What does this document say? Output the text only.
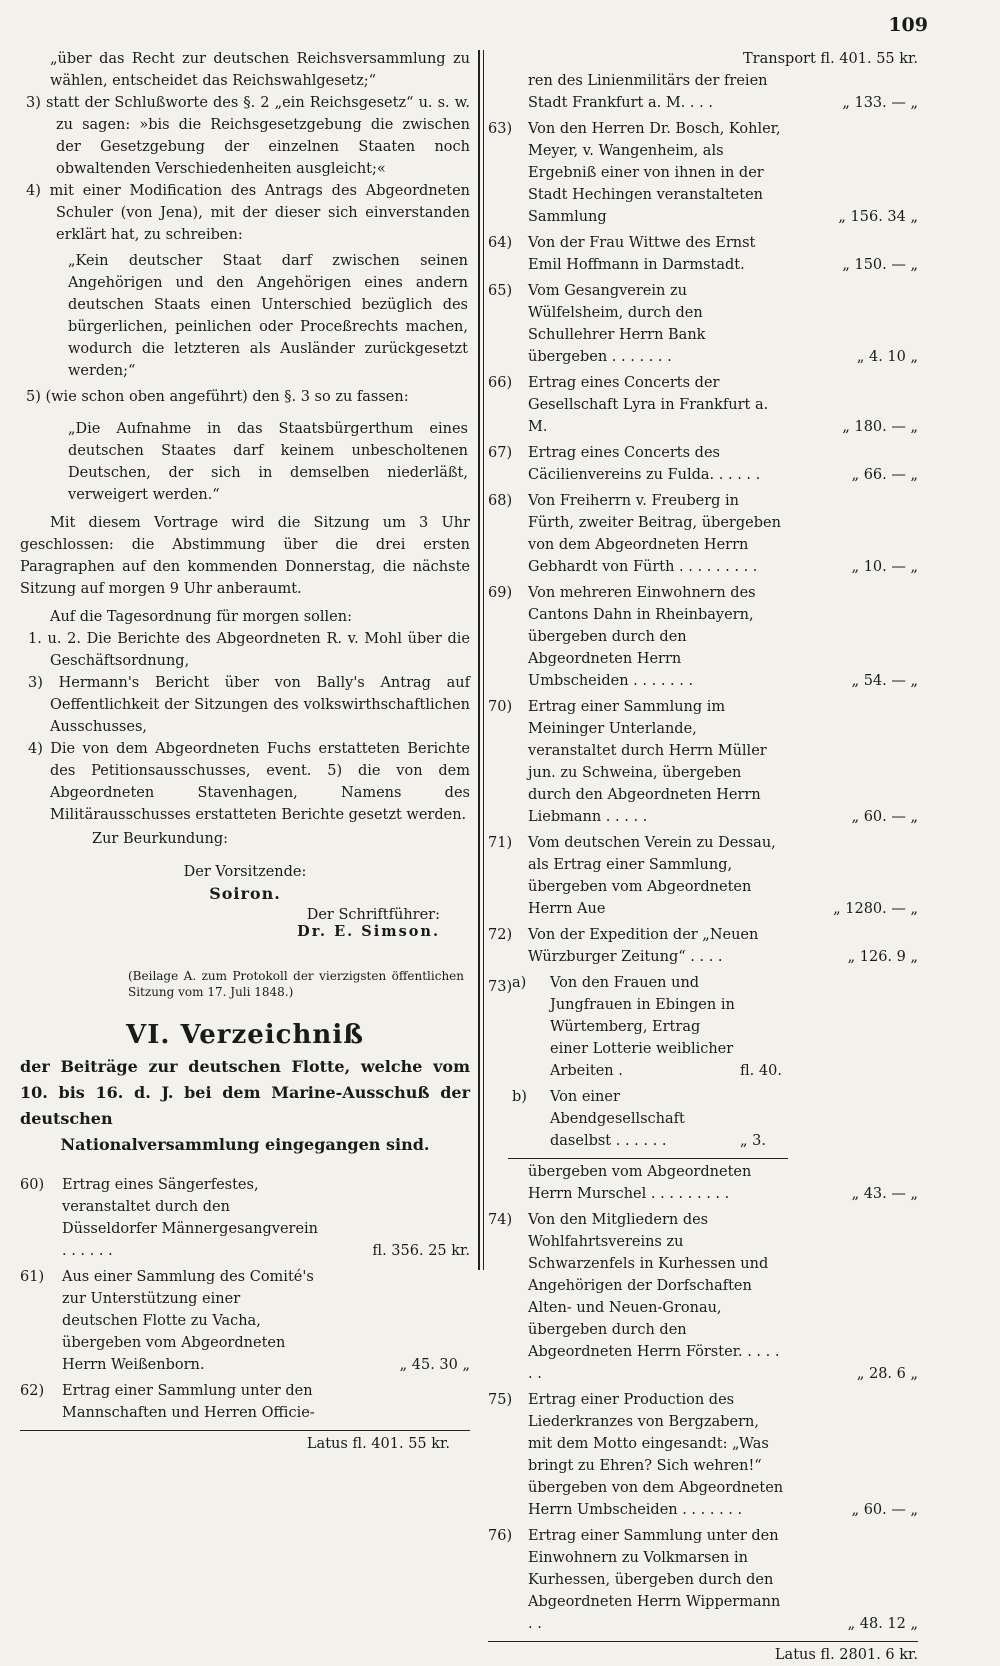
109

„über das Recht zur deutschen Reichsversammlung zu wählen, entscheidet das Reichswahlgesetz;“

3) statt der Schlußworte des §. 2 „ein Reichsgesetz“ u. s. w. zu sagen: »bis die Reichsgesetzgebung die zwischen der Gesetzgebung der einzelnen Staaten noch obwaltenden Verschiedenheiten ausgleicht;«

4) mit einer Modification des Antrags des Abgeordneten Schuler (von Jena), mit der dieser sich einverstanden erklärt hat, zu schreiben:

„Kein deutscher Staat darf zwischen seinen Angehörigen und den Angehörigen eines andern deutschen Staats einen Unterschied bezüglich des bürgerlichen, peinlichen oder Proceßrechts machen, wodurch die letzteren als Ausländer zurückgesetzt werden;“

5) (wie schon oben angeführt) den §. 3 so zu fassen:

„Die Aufnahme in das Staatsbürgerthum eines deutschen Staates darf keinem unbescholtenen Deutschen, der sich in demselben niederläßt, verweigert werden.“

Mit diesem Vortrage wird die Sitzung um 3 Uhr geschlossen: die Abstimmung über die drei ersten Paragraphen auf den kommenden Donnerstag, die nächste Sitzung auf morgen 9 Uhr anberaumt.

Auf die Tagesordnung für morgen sollen:

1. u. 2. Die Berichte des Abgeordneten R. v. Mohl über die Geschäftsordnung,

3) Hermann's Bericht über von Bally's Antrag auf Oeffentlichkeit der Sitzungen des volkswirthschaftlichen Ausschusses,

4) Die von dem Abgeordneten Fuchs erstatteten Berichte des Petitionsausschusses, event. 5) die von dem Abgeordneten Stavenhagen, Namens des Militärausschusses erstatteten Berichte gesetzt werden.

Zur Beurkundung:

Der Vorsitzende:
Soiron.
Der Schriftführer:
Dr. E. Simson.

(Beilage A. zum Protokoll der vierzigsten öffentlichen Sitzung vom 17. Juli 1848.)

VI. Verzeichniß

der Beiträge zur deutschen Flotte, welche vom 10. bis 16. d. J. bei dem Marine-Ausschuß der deutschen

Nationalversammlung eingegangen sind.

60)	Ertrag eines Sängerfestes, veranstaltet durch den Düsseldorfer Männergesangverein . . . . . .	fl. 356. 25 kr.
61)	Aus einer Sammlung des Comité's zur Unterstützung einer deutschen Flotte zu Vacha, übergeben vom Abgeordneten Herrn Weißenborn.	„ 45. 30 „
62)	Ertrag einer Sammlung unter den Mannschaften und Herren Officie-
Latus fl. 401. 55 kr.
Transport fl. 401. 55 kr.
ren des Linienmilitärs der freien Stadt Frankfurt a. M. . . .	„ 133. — „
63)	Von den Herren Dr. Bosch, Kohler, Meyer, v. Wangenheim, als Ergebniß einer von ihnen in der Stadt Hechingen veranstalteten Sammlung	„ 156. 34 „
64)	Von der Frau Wittwe des Ernst Emil Hoffmann in Darmstadt.	„ 150. — „
65)	Vom Gesangverein zu Wülfelsheim, durch den Schullehrer Herrn Bank übergeben . . . . . . .	„ 4. 10 „
66)	Ertrag eines Concerts der Gesellschaft Lyra in Frankfurt a. M.	„ 180. — „
67)	Ertrag eines Concerts des Cäcilienvereins zu Fulda. . . . . .	„ 66. — „
68)	Von Freiherrn v. Freuberg in Fürth, zweiter Beitrag, übergeben von dem Abgeordneten Herrn Gebhardt von Fürth . . . . . . . . .	„ 10. — „
69)	Von mehreren Einwohnern des Cantons Dahn in Rheinbayern, übergeben durch den Abgeordneten Herrn Umbscheiden . . . . . . .	„ 54. — „
70)	Ertrag einer Sammlung im Meininger Unterlande, veranstaltet durch Herrn Müller jun. zu Schweina, übergeben durch den Abgeordneten Herrn Liebmann . . . . .	„ 60. — „
71)	Vom deutschen Verein zu Dessau, als Ertrag einer Sammlung, übergeben vom Abgeordneten Herrn Aue	„ 1280. — „
72)	Von der Expedition der „Neuen Würzburger Zeitung“ . . . .	„ 126. 9 „
73) a)	Von den Frauen und Jungfrauen in Ebingen in Würtemberg, Ertrag einer Lotterie weiblicher Arbeiten .	fl. 40.
b)	Von einer Abendgesellschaft daselbst . . . . . .	„ 3.
übergeben vom Abgeordneten Herrn Murschel . . . . . . . . .	„ 43. — „
74)	Von den Mitgliedern des Wohlfahrtsvereins zu Schwarzenfels in Kurhessen und Angehörigen der Dorfschaften Alten- und Neuen-Gronau, übergeben durch den Abgeordneten Herrn Förster. . . . . . .	„ 28. 6 „
75)	Ertrag einer Production des Liederkranzes von Bergzabern, mit dem Motto eingesandt: „Was bringt zu Ehren? Sich wehren!“ übergeben von dem Abgeordneten Herrn Umbscheiden . . . . . . .	„ 60. — „
76)	Ertrag einer Sammlung unter den Einwohnern zu Volkmarsen in Kurhessen, übergeben durch den Abgeordneten Herrn Wippermann . .	„ 48. 12 „
Latus fl. 2801. 6 kr.
